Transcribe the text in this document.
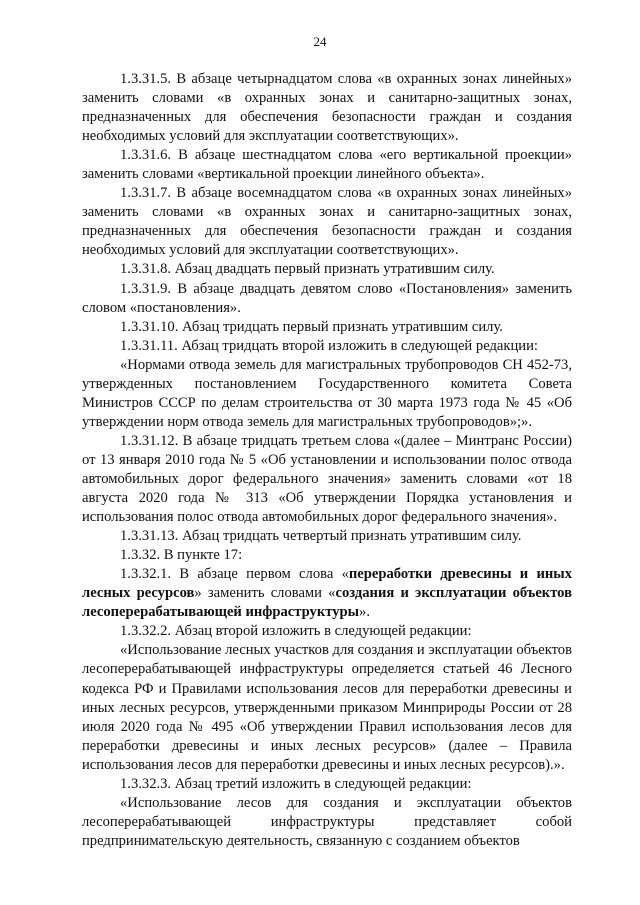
24

1.3.31.5. В абзаце четырнадцатом слова «в охранных зонах линейных» заменить словами «в охранных зонах и санитарно-защитных зонах, предназначенных для обеспечения безопасности граждан и создания необходимых условий для эксплуатации соответствующих».

1.3.31.6. В абзаце шестнадцатом слова «его вертикальной проекции» заменить словами «вертикальной проекции линейного объекта».

1.3.31.7. В абзаце восемнадцатом слова «в охранных зонах линейных» заменить словами «в охранных зонах и санитарно-защитных зонах, предназначенных для обеспечения безопасности граждан и создания необходимых условий для эксплуатации соответствующих».

1.3.31.8. Абзац двадцать первый признать утратившим силу.

1.3.31.9. В абзаце двадцать девятом слово «Постановления» заменить словом «постановления».

1.3.31.10. Абзац тридцать первый признать утратившим силу.

1.3.31.11. Абзац тридцать второй изложить в следующей редакции:

«Нормами отвода земель для магистральных трубопроводов СН 452-73, утвержденных постановлением Государственного комитета Совета Министров СССР по делам строительства от 30 марта 1973 года № 45 «Об утверждении норм отвода земель для магистральных трубопроводов»;».

1.3.31.12. В абзаце тридцать третьем слова «(далее – Минтранс России) от 13 января 2010 года № 5 «Об установлении и использовании полос отвода автомобильных дорог федерального значения» заменить словами «от 18 августа 2020 года № 313 «Об утверждении Порядка установления и использования полос отвода автомобильных дорог федерального значения».

1.3.31.13. Абзац тридцать четвертый признать утратившим силу.

1.3.32. В пункте 17:

1.3.32.1. В абзаце первом слова «переработки древесины и иных лесных ресурсов» заменить словами «создания и эксплуатации объектов лесоперерабатывающей инфраструктуры».

1.3.32.2. Абзац второй изложить в следующей редакции:

«Использование лесных участков для создания и эксплуатации объектов лесоперерабатывающей инфраструктуры определяется статьей 46 Лесного кодекса РФ и Правилами использования лесов для переработки древесины и иных лесных ресурсов, утвержденными приказом Минприроды России от 28 июля 2020 года № 495 «Об утверждении Правил использования лесов для переработки древесины и иных лесных ресурсов» (далее – Правила использования лесов для переработки древесины и иных лесных ресурсов).».

1.3.32.3. Абзац третий изложить в следующей редакции:

«Использование лесов для создания и эксплуатации объектов лесоперерабатывающей инфраструктуры представляет собой предпринимательскую деятельность, связанную с созданием объектов
